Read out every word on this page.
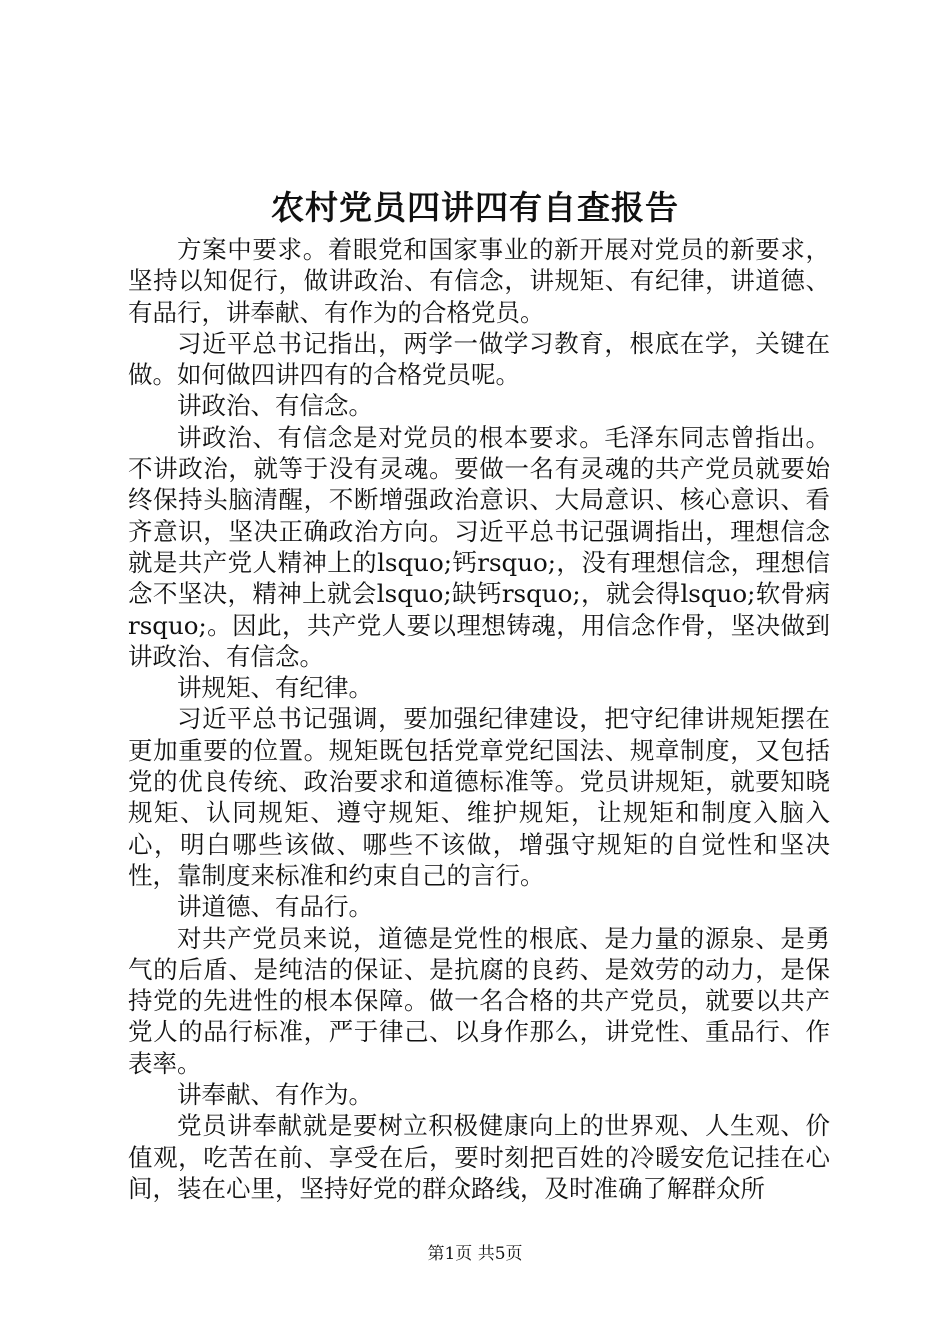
农村党员四讲四有自查报告

方案中要求。着眼党和国家事业的新开展对党员的新要求，坚持以知促行，做讲政治、有信念，讲规矩、有纪律，讲道德、有品行，讲奉献、有作为的合格党员。

习近平总书记指出，两学一做学习教育，根底在学，关键在做。如何做四讲四有的合格党员呢。

讲政治、有信念。

讲政治、有信念是对党员的根本要求。毛泽东同志曾指出。不讲政治，就等于没有灵魂。要做一名有灵魂的共产党员就要始终保持头脑清醒，不断增强政治意识、大局意识、核心意识、看齐意识，坚决正确政治方向。习近平总书记强调指出，理想信念就是共产党人精神上的lsquo;钙rsquo;，没有理想信念，理想信念不坚决，精神上就会lsquo;缺钙rsquo;，就会得lsquo;软骨病rsquo;。因此，共产党人要以理想铸魂，用信念作骨，坚决做到讲政治、有信念。

讲规矩、有纪律。

习近平总书记强调，要加强纪律建设，把守纪律讲规矩摆在更加重要的位置。规矩既包括党章党纪国法、规章制度，又包括党的优良传统、政治要求和道德标准等。党员讲规矩，就要知晓规矩、认同规矩、遵守规矩、维护规矩，让规矩和制度入脑入心，明白哪些该做、哪些不该做，增强守规矩的自觉性和坚决性，靠制度来标准和约束自己的言行。

讲道德、有品行。

对共产党员来说，道德是党性的根底、是力量的源泉、是勇气的后盾、是纯洁的保证、是抗腐的良药、是效劳的动力，是保持党的先进性的根本保障。做一名合格的共产党员，就要以共产党人的品行标准，严于律己、以身作那么，讲党性、重品行、作表率。

讲奉献、有作为。

党员讲奉献就是要树立积极健康向上的世界观、人生观、价值观，吃苦在前、享受在后，要时刻把百姓的冷暖安危记挂在心间，装在心里，坚持好党的群众路线，及时准确了解群众所

第1页 共5页
